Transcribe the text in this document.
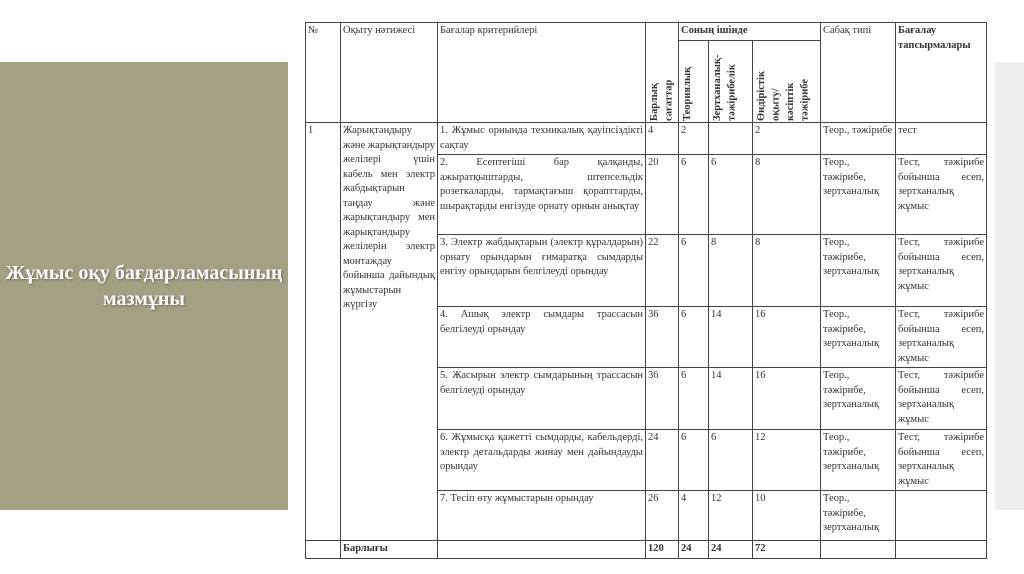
Жұмыс оқу бағдарламасының мазмұны
№	Оқыту нәтижесі	Бағалар критерийлері	Барлық сағаттар	Соның ішінде			Сабақ типі	Бағалау тапсырмалары

				Теориялық	Зертханалық-тәжірибелік	Өндірістік оқыту/ кәсіптік тәжірибе		

1	Жарықтандыру және жарықтандыру желілері үшін кабель мен электр жабдықтарын таңдау және жарықтандыру мен жарықтандыру желілерін электр монтаждау бойынша дайындық жұмыстарын жүргізу	1. Жұмыс орнында техникалық қауіпсіздікті сақтау	4	2		2	Теор., тәжірибе	тест
		2. Есептегіші бар қалқанды, ажыратқыштарды, штепсельдік розеткаларды, тармақтағыш қорапттарды, шырақтарды енгізуде орнату орнын анықтау	20	6	6	8	Теор., тәжірибе, зертханалық	Тест, тәжірибе бойынша есеп, зертханалық жұмыс
		3. Электр жабдықтарын (электр құралдарын) орнату орындарын ғимаратқа сымдарды енгізу орындарын белгілеуді орындау	22	6	8	8	Теор., тәжірибе, зертханалық	Тест, тәжірибе бойынша есеп, зертханалық жұмыс
		4. Ашық электр сымдары трассасын белгілеуді орындау	36	6	14	16	Теор., тәжірибе, зертханалық	Тест, тәжірибе бойынша есеп, зертханалық жұмыс
		5. Жасырын электр сымдарының трассасын белгілеуді орындау	36	6	14	16	Теор., тәжірибе, зертханалық	Тест, тәжірибе бойынша есеп, зертханалық жұмыс
		6. Жұмысқа қажетті сымдарды, кабельдерді, электр детальдарды жинау мен дайындауды орындау	24	6	6	12	Теор., тәжірибе, зертханалық	Тест, тәжірибе бойынша есеп, зертханалық жұмыс
		7. Тесіп өту жұмыстарын орындау	26	4	12	10	Теор., тәжірибе, зертханалық	
	Барлығы		120	24	24	72		
